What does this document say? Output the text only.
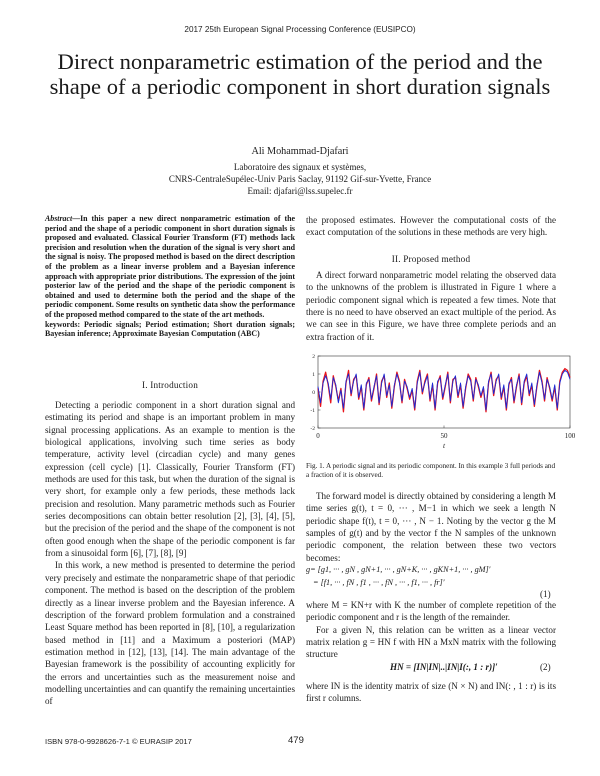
2017 25th European Signal Processing Conference (EUSIPCO)
Direct nonparametric estimation of the period and the shape of a periodic component in short duration signals
Ali Mohammad-Djafari
Laboratoire des signaux et systèmes,
CNRS-CentraleSupélec-Univ Paris Saclay, 91192 Gif-sur-Yvette, France
Email: djafari@lss.supelec.fr

Abstract—In this paper a new direct nonparametric estimation of the period and the shape of a periodic component in short duration signals is proposed and evaluated. Classical Fourier Transform (FT) methods lack precision and resolution when the duration of the signal is very short and the signal is noisy. The proposed method is based on the direct description of the problem as a linear inverse problem and a Bayesian inference approach with appropriate prior distributions. The expression of the joint posterior law of the period and the shape of the periodic component is obtained and used to determine both the period and the shape of the periodic component. Some results on synthetic data show the performance of the proposed method compared to the state of the art methods.

keywords: Periodic signals; Period estimation; Short duration signals; Bayesian inference; Approximate Bayesian Computation (ABC)

I. Introduction

Detecting a periodic component in a short duration signal and estimating its period and shape is an important problem in many signal processing applications. As an example to mention is the biological applications, involving such time series as body temperature, activity level (circadian cycle) and many genes expression (cell cycle) [1]. Classically, Fourier Transform (FT) methods are used for this task, but when the duration of the signal is very short, for example only a few periods, these methods lack precision and resolution. Many parametric methods such as Fourier series decompositions can obtain better resolution [2], [3], [4], [5], but the precision of the period and the shape of the component is not often good enough when the shape of the periodic component is far from a sinusoidal form [6], [7], [8], [9]

In this work, a new method is presented to determine the period very precisely and estimate the nonparametric shape of that periodic component. The method is based on the description of the problem directly as a linear inverse problem and the Bayesian inference. A description of the forward problem formulation and a constrained Least Square method has been reported in [8], [10], a regularization based method in [11] and a Maximum a posteriori (MAP) estimation method in [12], [13], [14]. The main advantage of the Bayesian framework is the possibility of accounting explicitly for the errors and uncertainties such as the measurement noise and modelling uncertainties and can quantify the remaining uncertainties of

the proposed estimates. However the computational costs of the exact computation of the solutions in these methods are very high.

II. Proposed method

A direct forward nonparametric model relating the observed data to the unknowns of the problem is illustrated in Figure 1 where a periodic component signal which is repeated a few times. Note that there is no need to have observed an exact multiple of the period. As we can see in this Figure, we have three complete periods and an extra fraction of it.

2
1
0
-1
-2
0	50	100
t
Fig. 1. A periodic signal and its periodic component. In this example 3 full periods and a fraction of it is observed.

The forward model is directly obtained by considering a length M time series g(t), t = 0, ··· , M−1 in which we seek a length N periodic shape f(t), t = 0, ··· , N − 1. Noting by the vector g the M samples of g(t) and by the vector f the N samples of the unknown periodic component, the relation between these two vectors becomes:

g= [g1, ··· , gN , gN+1, ··· , gN+K, ··· , gKN+1, ··· , gM]′
= [f1, ··· , fN , f1 , ··· , fN , ··· , f1, ··· , fr]′
(1)

where M = KN+r with K the number of complete repetition of the periodic component and r is the length of the remainder.

For a given N, this relation can be written as a linear vector matrix relation g = HN f with HN a MxN matrix with the following structure

HN = [IN|IN|..|IN|I(:, 1 : r)]′	(2)

where IN is the identity matrix of size (N × N) and IN(: , 1 : r) is its first r columns.

ISBN 978-0-9928626-7-1 © EURASIP 2017	479
